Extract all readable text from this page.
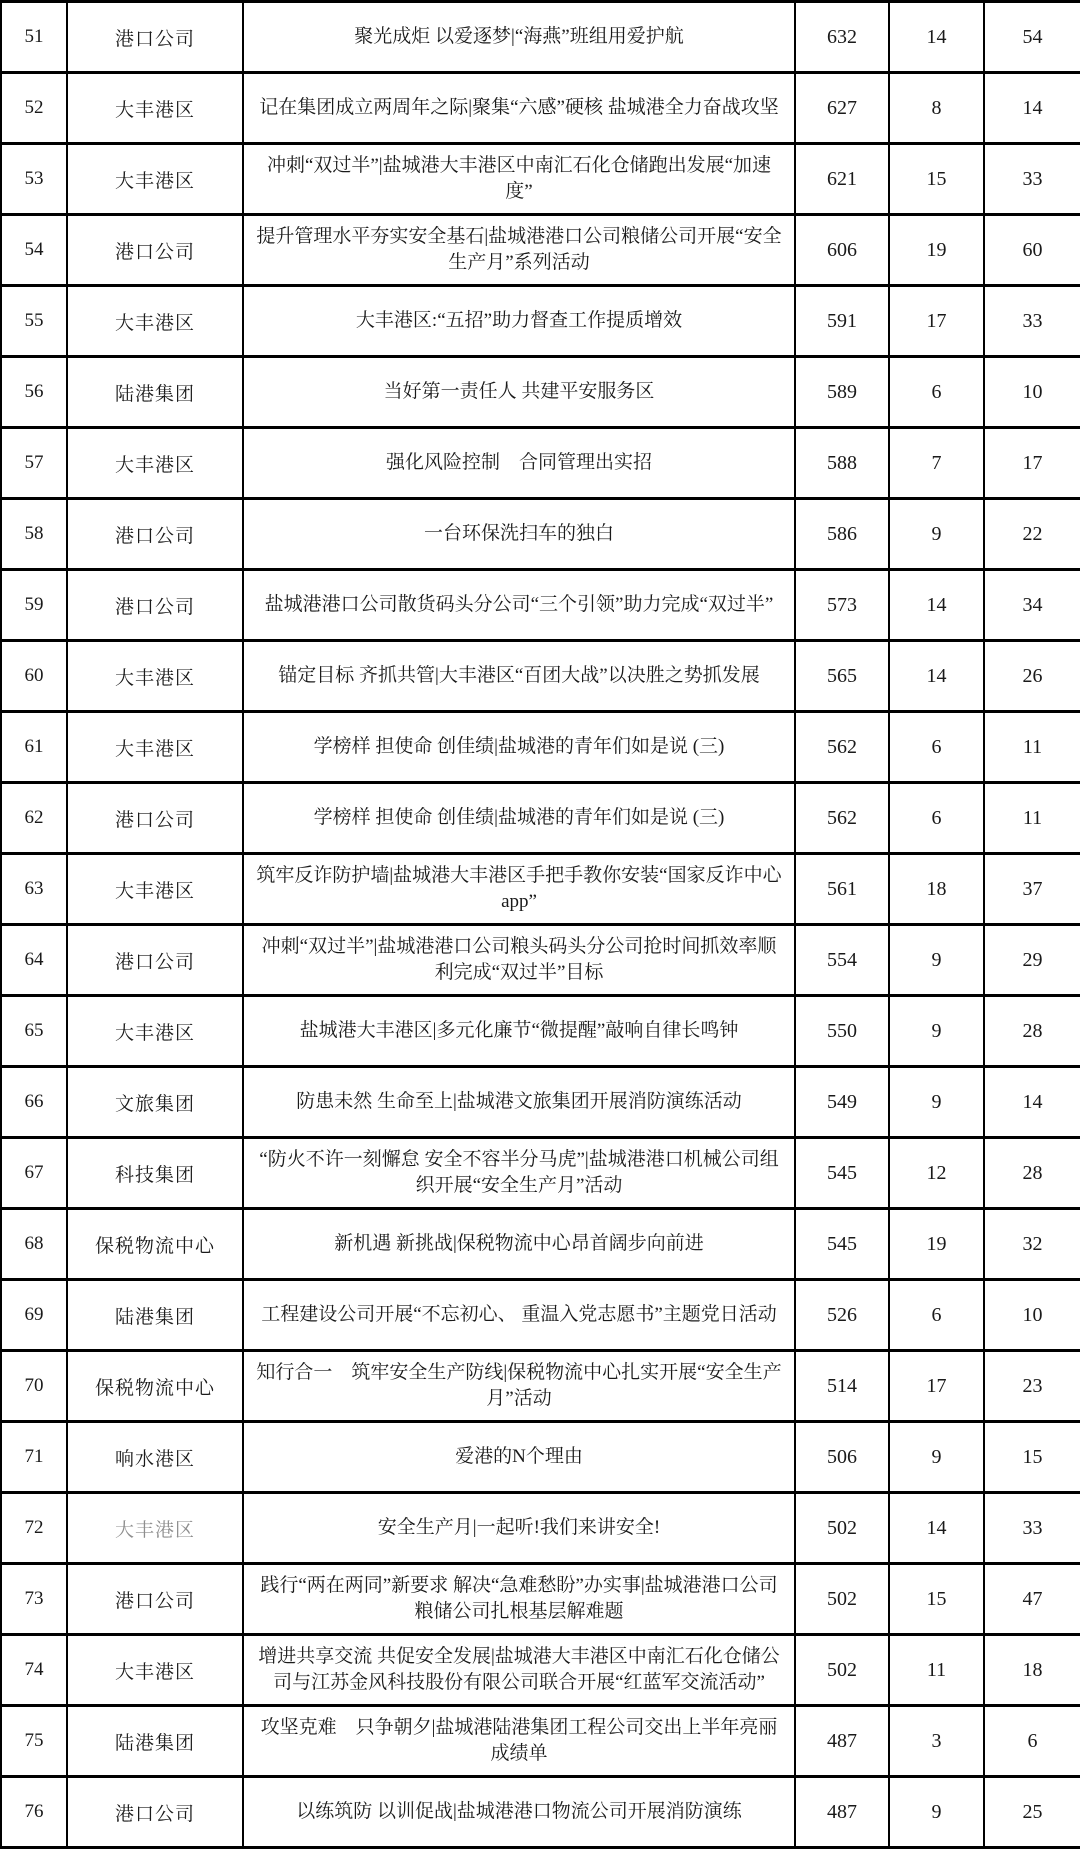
51	港口公司	聚光成炬 以爱逐梦|“海燕”班组用爱护航	632	14	54
52	大丰港区	记在集团成立两周年之际|聚集“六感”硬核 盐城港全力奋战攻坚	627	8	14
53	大丰港区	冲刺“双过半”|盐城港大丰港区中南汇石化仓储跑出发展“加速度”	621	15	33
54	港口公司	提升管理水平夯实安全基石|盐城港港口公司粮储公司开展“安全生产月”系列活动	606	19	60
55	大丰港区	大丰港区:“五招”助力督查工作提质增效	591	17	33
56	陆港集团	当好第一责任人 共建平安服务区	589	6	10
57	大丰港区	强化风险控制　合同管理出实招	588	7	17
58	港口公司	一台环保洗扫车的独白	586	9	22
59	港口公司	盐城港港口公司散货码头分公司“三个引领”助力完成“双过半”	573	14	34
60	大丰港区	锚定目标 齐抓共管|大丰港区“百团大战”以决胜之势抓发展	565	14	26
61	大丰港区	学榜样 担使命 创佳绩|盐城港的青年们如是说 (三)	562	6	11
62	港口公司	学榜样 担使命 创佳绩|盐城港的青年们如是说 (三)	562	6	11
63	大丰港区	筑牢反诈防护墙|盐城港大丰港区手把手教你安装“国家反诈中心app”	561	18	37
64	港口公司	冲刺“双过半”|盐城港港口公司粮头码头分公司抢时间抓效率顺利完成“双过半”目标	554	9	29
65	大丰港区	盐城港大丰港区|多元化廉节“微提醒”敲响自律长鸣钟	550	9	28
66	文旅集团	防患未然 生命至上|盐城港文旅集团开展消防演练活动	549	9	14
67	科技集团	“防火不许一刻懈怠 安全不容半分马虎”|盐城港港口机械公司组织开展“安全生产月”活动	545	12	28
68	保税物流中心	新机遇 新挑战|保税物流中心昂首阔步向前进	545	19	32
69	陆港集团	工程建设公司开展“不忘初心、 重温入党志愿书”主题党日活动	526	6	10
70	保税物流中心	知行合一　筑牢安全生产防线|保税物流中心扎实开展“安全生产月”活动	514	17	23
71	响水港区	爱港的N个理由	506	9	15
72	大丰港区	安全生产月|一起听!我们来讲安全!	502	14	33
73	港口公司	践行“两在两同”新要求 解决“急难愁盼”办实事|盐城港港口公司粮储公司扎根基层解难题	502	15	47
74	大丰港区	增进共享交流 共促安全发展|盐城港大丰港区中南汇石化仓储公司与江苏金风科技股份有限公司联合开展“红蓝军交流活动”	502	11	18
75	陆港集团	攻坚克难　只争朝夕|盐城港陆港集团工程公司交出上半年亮丽成绩单	487	3	6
76	港口公司	以练筑防 以训促战|盐城港港口物流公司开展消防演练	487	9	25
